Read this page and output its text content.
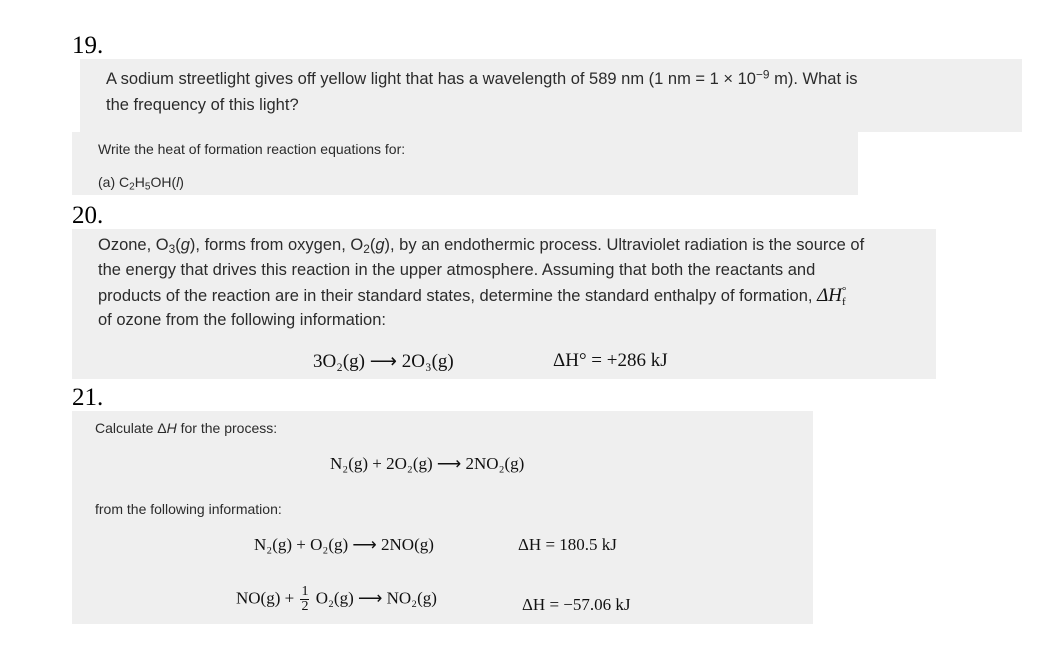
19.
A sodium streetlight gives off yellow light that has a wavelength of 589 nm (1 nm = $1 \times 10^{-9}$ m). What is
the frequency of this light?
Write the heat of formation reaction equations for:
(a) $C_2H_5OH(l)$
20.
Ozone, $O_3(g)$, forms from oxygen, $O_2(g)$, by an endothermic process. Ultraviolet radiation is the source of
the energy that drives this reaction in the upper atmosphere. Assuming that both the reactants and
products of the reaction are in their standard states, determine the standard enthalpy of formation, ΔH °
f
of ozone from the following information:
3O₂(g) ⟶ 2O₃(g)	ΔH° = +286 kJ
21.
Calculate ΔH for the process:
N₂(g) + 2O₂(g) ⟶ 2NO₂(g)
from the following information:
N₂(g) + O₂(g) ⟶ 2NO(g)	ΔH = 180.5 kJ
$NO(g) + \frac{1}{2} O_2(g)$ ⟶ NO₂(g)	ΔH = −57.06 kJ
